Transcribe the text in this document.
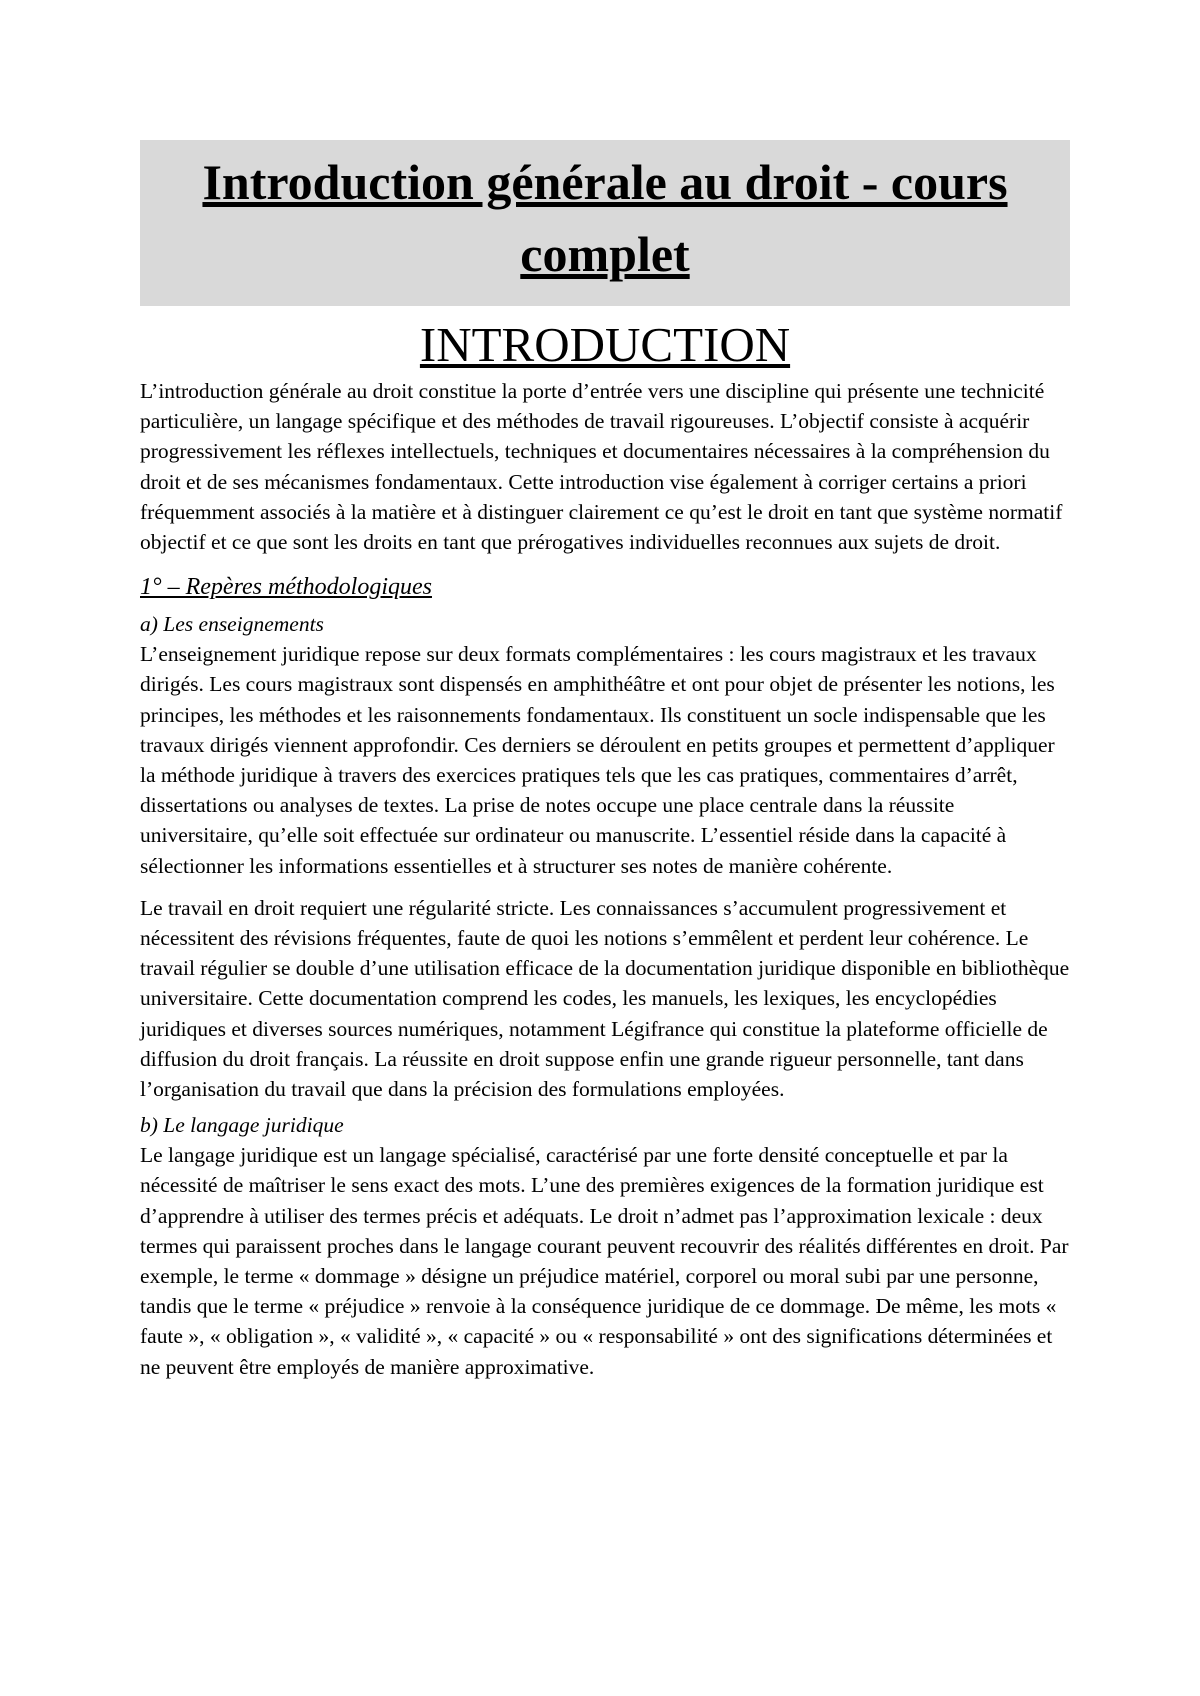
Introduction générale au droit - cours complet
INTRODUCTION

L’introduction générale au droit constitue la porte d’entrée vers une discipline qui présente une technicité particulière, un langage spécifique et des méthodes de travail rigoureuses. L’objectif consiste à acquérir progressivement les réflexes intellectuels, techniques et documentaires nécessaires à la compréhension du droit et de ses mécanismes fondamentaux. Cette introduction vise également à corriger certains a priori fréquemment associés à la matière et à distinguer clairement ce qu’est le droit en tant que système normatif objectif et ce que sont les droits en tant que prérogatives individuelles reconnues aux sujets de droit.

1° – Repères méthodologiques
a) Les enseignements

L’enseignement juridique repose sur deux formats complémentaires : les cours magistraux et les travaux dirigés. Les cours magistraux sont dispensés en amphithéâtre et ont pour objet de présenter les notions, les principes, les méthodes et les raisonnements fondamentaux. Ils constituent un socle indispensable que les travaux dirigés viennent approfondir. Ces derniers se déroulent en petits groupes et permettent d’appliquer la méthode juridique à travers des exercices pratiques tels que les cas pratiques, commentaires d’arrêt, dissertations ou analyses de textes. La prise de notes occupe une place centrale dans la réussite universitaire, qu’elle soit effectuée sur ordinateur ou manuscrite. L’essentiel réside dans la capacité à sélectionner les informations essentielles et à structurer ses notes de manière cohérente.

Le travail en droit requiert une régularité stricte. Les connaissances s’accumulent progressivement et nécessitent des révisions fréquentes, faute de quoi les notions s’emmêlent et perdent leur cohérence. Le travail régulier se double d’une utilisation efficace de la documentation juridique disponible en bibliothèque universitaire. Cette documentation comprend les codes, les manuels, les lexiques, les encyclopédies juridiques et diverses sources numériques, notamment Légifrance qui constitue la plateforme officielle de diffusion du droit français. La réussite en droit suppose enfin une grande rigueur personnelle, tant dans l’organisation du travail que dans la précision des formulations employées.

b) Le langage juridique

Le langage juridique est un langage spécialisé, caractérisé par une forte densité conceptuelle et par la nécessité de maîtriser le sens exact des mots. L’une des premières exigences de la formation juridique est d’apprendre à utiliser des termes précis et adéquats. Le droit n’admet pas l’approximation lexicale : deux termes qui paraissent proches dans le langage courant peuvent recouvrir des réalités différentes en droit. Par exemple, le terme « dommage » désigne un préjudice matériel, corporel ou moral subi par une personne, tandis que le terme « préjudice » renvoie à la conséquence juridique de ce dommage. De même, les mots « faute », « obligation », « validité », « capacité » ou « responsabilité » ont des significations déterminées et ne peuvent être employés de manière approximative.
